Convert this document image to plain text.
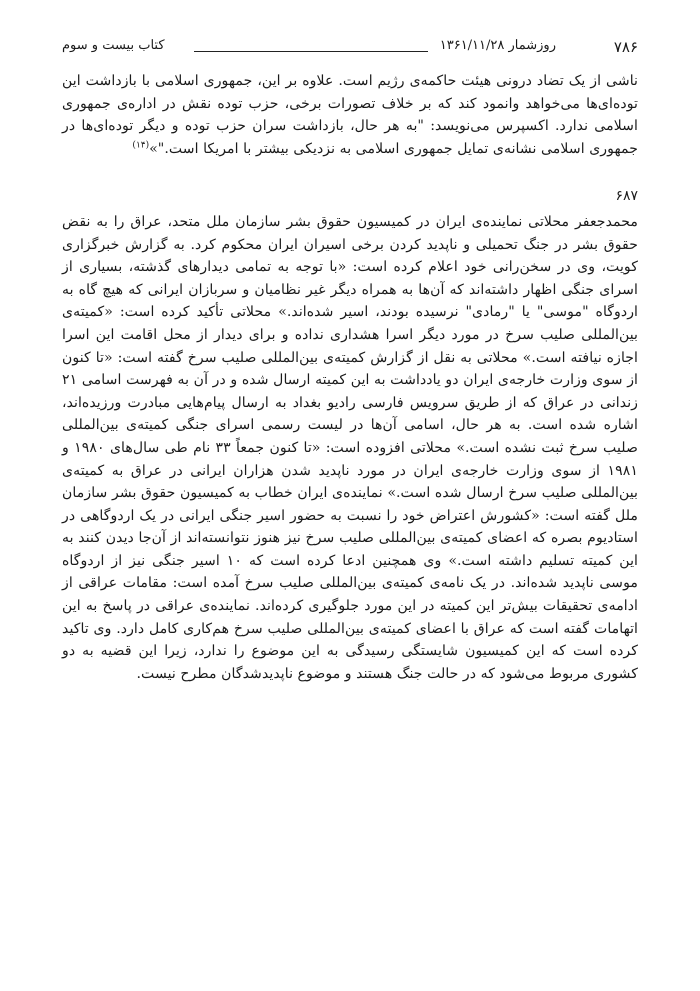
۷۸۶
روزشمار ۱۳۶۱/۱۱/۲۸
کتاب بیست و سوم

ناشی از یک تضاد درونی هیئت حاکمه‌ی رژیم است. علاوه بر این، جمهوری اسلامی با بازداشت این توده‌ای‌ها می‌خواهد وانمود کند که بر خلاف تصورات برخی، حزب توده نقش در اداره‌ی جمهوری اسلامی ندارد. اکسپرس می‌نویسد: "به هر حال، بازداشت سران حزب توده و دیگر توده‌ای‌ها در جمهوری اسلامی نشانه‌ی تمایل جمهوری اسلامی به نزدیکی بیشتر با امریکا است."»$^{(۱۴)}$

۶۸۷

محمدجعفر محلاتی نماینده‌ی ایران در کمیسیون حقوق بشر سازمان ملل متحد، عراق را به نقض حقوق بشر در جنگ تحمیلی و ناپدید کردن برخی اسیران ایران محکوم کرد. به گزارش خبرگزاری کویت، وی در سخن‌رانی خود اعلام کرده است: «با توجه به تمامی دیدارهای گذشته، بسیاری از اسرای جنگی اظهار داشته‌اند که آن‌ها به همراه دیگر غیر نظامیان و سربازان ایرانی که هیچ گاه به اردوگاه "موسی" یا "رمادی" نرسیده بودند، اسیر شده‌اند.» محلاتی تأکید کرده است: «کمیته‌ی بین‌المللی صلیب سرخ در مورد دیگر اسرا هشداری نداده و برای دیدار از محل اقامت این اسرا اجازه نیافته است.» محلاتی به نقل از گزارش کمیته‌ی بین‌المللی صلیب سرخ گفته است: «تا کنون از سوی وزارت خارجه‌ی ایران دو یادداشت به این کمیته ارسال شده و در آن به فهرست اسامی ۲۱ زندانی در عراق که از طریق سرویس فارسی رادیو بغداد به ارسال پیام‌هایی مبادرت ورزیده‌اند، اشاره شده است. به هر حال، اسامی آن‌ها در لیست رسمی اسرای جنگی کمیته‌ی بین‌المللی صلیب سرخ ثبت نشده است.» محلاتی افزوده است: «تا کنون جمعاً ۳۳ نام طی سال‌های ۱۹۸۰ و ۱۹۸۱ از سوی وزارت خارجه‌ی ایران در مورد ناپدید شدن هزاران ایرانی در عراق به کمیته‌ی بین‌المللی صلیب سرخ ارسال شده است.» نماینده‌ی ایران خطاب به کمیسیون حقوق بشر سازمان ملل گفته است: «کشورش اعتراض خود را نسبت به حضور اسیر جنگی ایرانی در یک اردوگاهی در استادیوم بصره که اعضای کمیته‌ی بین‌المللی صلیب سرخ نیز هنوز نتوانسته‌اند از آن‌جا دیدن کنند به این کمیته تسلیم داشته است.» وی همچنین ادعا کرده است که ۱۰ اسیر جنگی نیز از اردوگاه موسی ناپدید شده‌اند. در یک نامه‌ی کمیته‌ی بین‌المللی صلیب سرخ آمده است: مقامات عراقی از ادامه‌ی تحقیقات بیش‌تر این کمیته در این مورد جلوگیری کرده‌اند. نماینده‌ی عراقی در پاسخ به این اتهامات گفته است که عراق با اعضای کمیته‌ی بین‌المللی صلیب سرخ هم‌کاری کامل دارد. وی تاکید کرده است که این کمیسیون شایستگی رسیدگی به این موضوع را ندارد، زیرا این قضیه به دو کشوری مربوط می‌شود که در حالت جنگ هستند و موضوع ناپدیدشدگان مطرح نیست.
